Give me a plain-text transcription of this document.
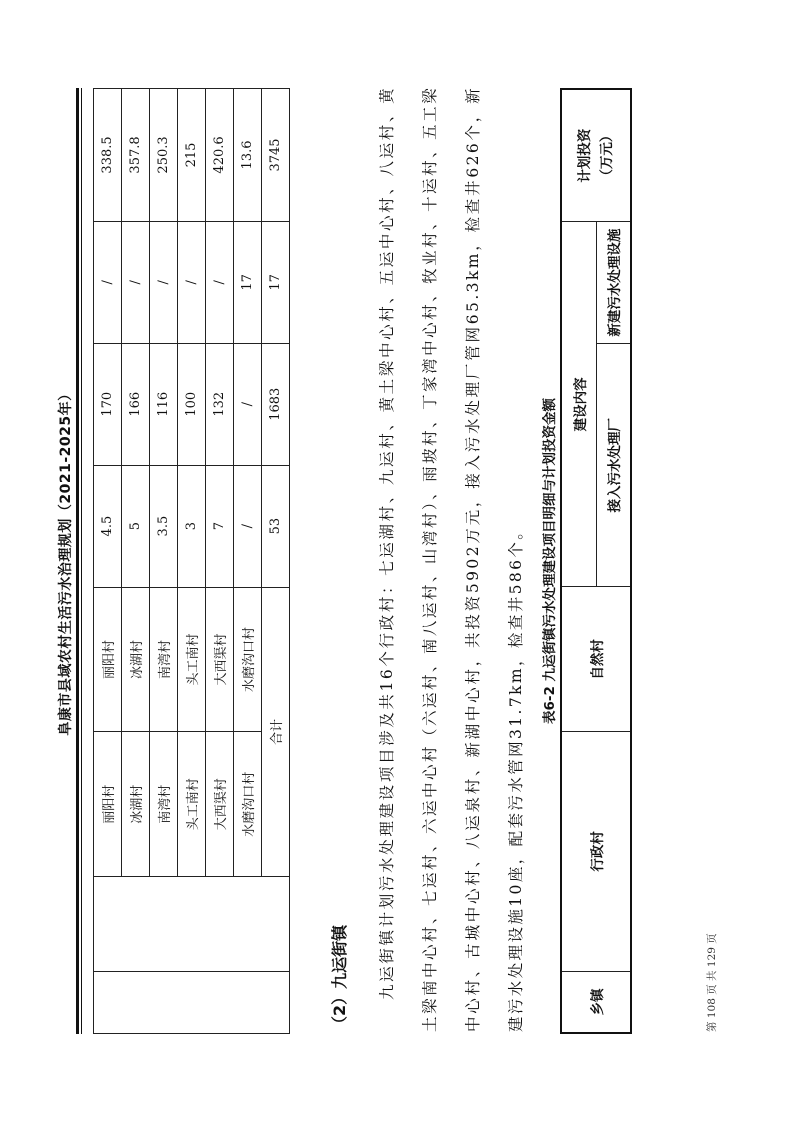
阜康市县域农村生活污水治理规划（2021-2025年）
		丽阳村	丽阳村	4.5	170	/	338.5
		冰湖村	冰湖村	5	166	/	357.8
		南湾村	南湾村	3.5	116	/	250.3
		头工南村	头工南村	3	100	/	215
		大西渠村	大西渠村	7	132	/	420.6
		水磨沟口村	水磨沟口村	/	/	17	13.6
		合计		53	1683	17	3745
（2）九运街镇	九运街镇计划污水处理建设项目涉及共16个行政村：七运湖村、九运村、黄土梁中心村、五运中心村、八运村、黄土梁南中心村、七运村、六运中心村（六运村、南八运村、山湾村）、雨坡村、丁家湾中心村、牧业村、十运村、五工梁中心村、古城中心村、八运泉村、新湖中心村，共投资5902万元，接入污水处理厂管网65.3km，检查井626个，新建污水处理设施10座，配套污水管网31.7km，检查井586个。	表6-2 九运街镇污水处理建设项目明细与计划投资金额
乡镇	行政村	自然村	建设内容		计划投资 （万元）

			接入污水处理厂	新建污水处理设施	
第 108 页 共 129 页
